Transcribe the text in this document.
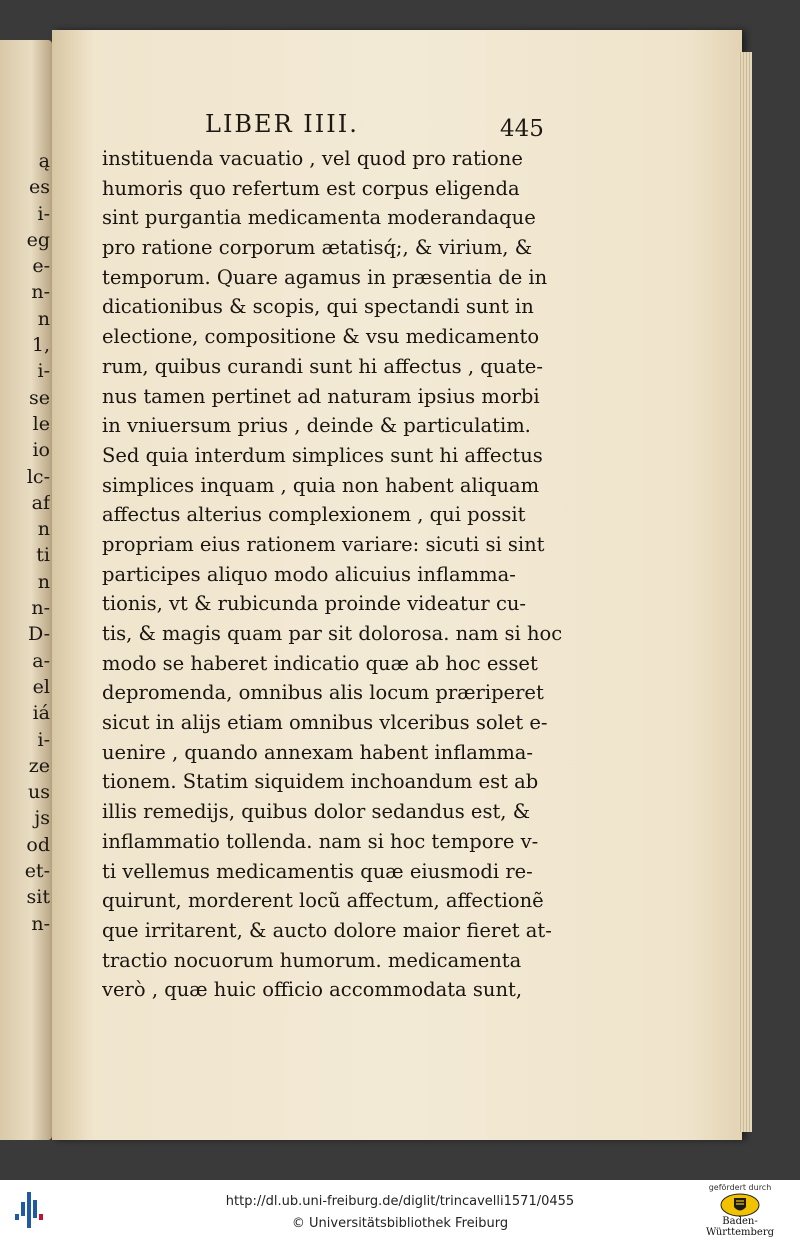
ą
es
i-
eg
e-
n-
n
1,
i-
se
le
io
lc-
af
n
ti
n
n-
D-
a-
el
iá
i-
ze
us
js
od
et-
sit
n-
LIBER IIII.	445
instituenda vacuatio , vel quod pro ratione
humoris quo refertum est corpus eligenda
sint purgantia medicamenta moderandaque
pro ratione corporum ætatisq́;, & virium, &
temporum. Quare agamus in præsentia de in
dicationibus & scopis, qui spectandi sunt in
electione, compositione & vsu medicamento
rum, quibus curandi sunt hi affectus , quate-
nus tamen pertinet ad naturam ipsius morbi
in vniuersum prius , deinde & particulatim.
Sed quia interdum simplices sunt hi affectus
simplices inquam , quia non habent aliquam
affectus alterius complexionem , qui possit
propriam eius rationem variare: sicuti si sint
participes aliquo modo alicuius inflamma-
tionis, vt & rubicunda proinde videatur cu-
tis, & magis quam par sit dolorosa. nam si hoc
modo se haberet indicatio quæ ab hoc esset
depromenda, omnibus alis locum præriperet
sicut in alijs etiam omnibus vlceribus solet e-
uenire , quando annexam habent inflamma-
tionem. Statim siquidem inchoandum est ab
illis remedijs, quibus dolor sedandus est, &
inflammatio tollenda. nam si hoc tempore v-
ti vellemus medicamentis quæ eiusmodi re-
quirunt, morderent locũ affectum, affectionẽ
que irritarent, & aucto dolore maior fieret at-
tractio nocuorum humorum. medicamenta
verò , quæ huic officio accommodata sunt,
http://dl.ub.uni-freiburg.de/diglit/trincavelli1571/0455
© Universitätsbibliothek Freiburg
gefördert durch
Baden-Württemberg
